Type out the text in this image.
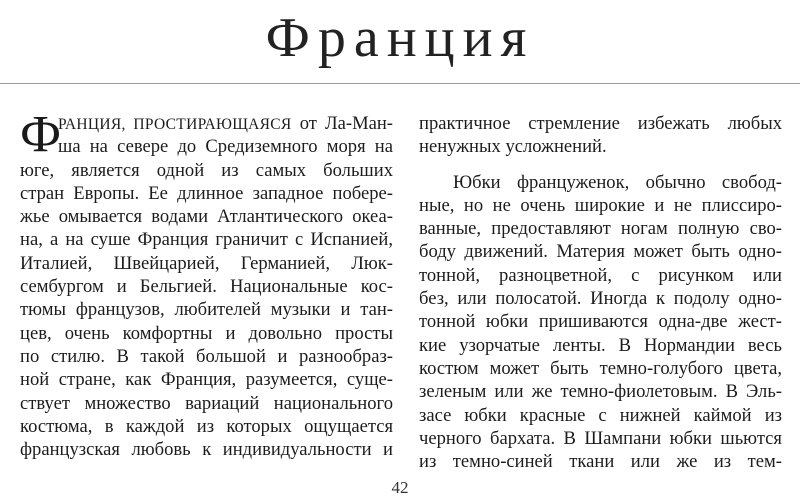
Франция
Ф
РАНЦИЯ, ПРОСТИРАЮЩАЯСЯ от Ла-Ман-
ша на севере до Средиземного моря на
юге, является одной из самых больших
стран Европы. Ее длинное западное побере-
жье омывается водами Атлантического океа-
на, а на суше Франция граничит с Испанией,
Италией, Швейцарией, Германией, Люк-
сембургом и Бельгией. Национальные кос-
тюмы французов, любителей музыки и тан-
цев, очень комфортны и довольно просты
по стилю. В такой большой и разнообраз-
ной стране, как Франция, разумеется, суще-
ствует множество вариаций национального
костюма, в каждой из которых ощущается
французская любовь к индивидуальности и
практичное стремление избежать любых
ненужных усложнений.
Юбки француженок, обычно свобод-
ные, но не очень широкие и не плиссиро-
ванные, предоставляют ногам полную сво-
боду движений. Материя может быть одно-
тонной, разноцветной, с рисунком или
без, или полосатой. Иногда к подолу одно-
тонной юбки пришиваются одна-две жест-
кие узорчатые ленты. В Нормандии весь
костюм может быть темно-голубого цвета,
зеленым или же темно-фиолетовым. В Эль-
засе юбки красные с нижней каймой из
черного бархата. В Шампани юбки шьются
из темно-синей ткани или же из тем-
42
